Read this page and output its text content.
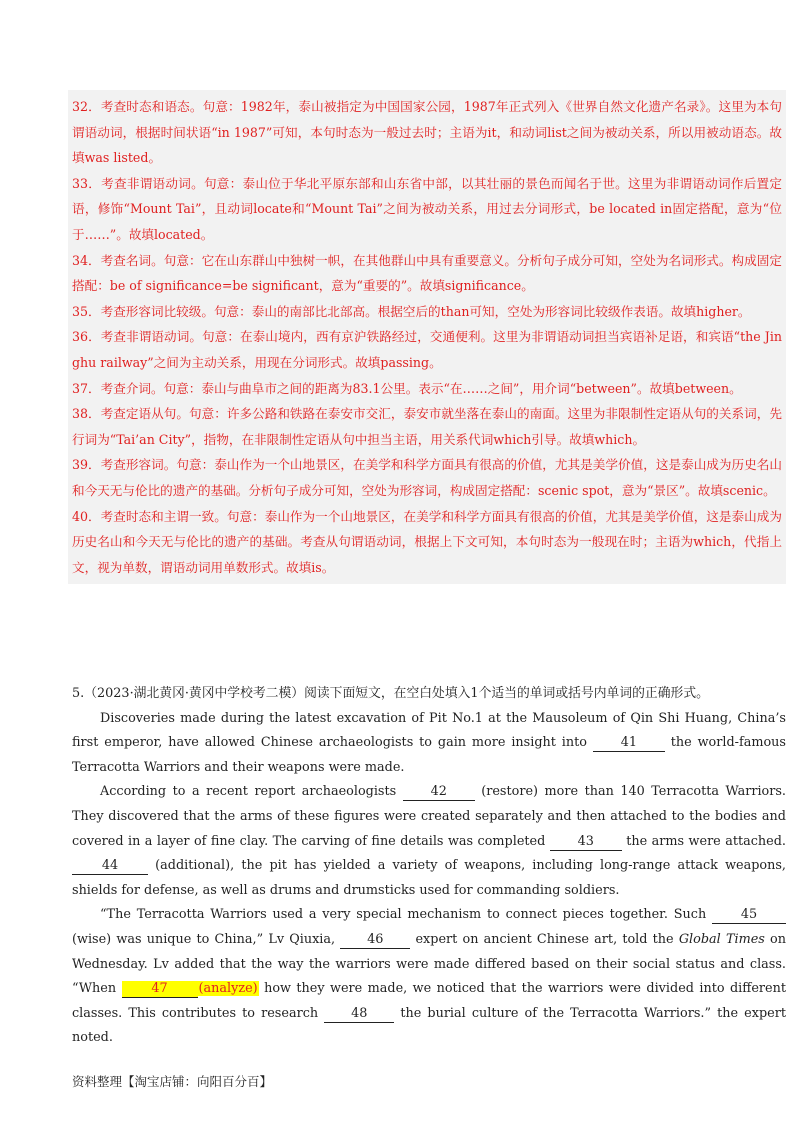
32．考查时态和语态。句意：1982年，泰山被指定为中国国家公园，1987年正式列入《世界自然文化遗产名录》。这里为本句谓语动词，根据时间状语“in 1987”可知，本句时态为一般过去时；主语为it，和动词list之间为被动关系，所以用被动语态。故填was listed。

33．考查非谓语动词。句意：泰山位于华北平原东部和山东省中部，以其壮丽的景色而闻名于世。这里为非谓语动词作后置定语，修饰“Mount Tai”，且动词locate和“Mount Tai”之间为被动关系，用过去分词形式，be located in固定搭配，意为“位于……”。故填located。

34．考查名词。句意：它在山东群山中独树一帜，在其他群山中具有重要意义。分析句子成分可知，空处为名词形式。构成固定搭配：be of significance=be significant，意为“重要的”。故填significance。

35．考查形容词比较级。句意：泰山的南部比北部高。根据空后的than可知，空处为形容词比较级作表语。故填higher。

36．考查非谓语动词。句意：在泰山境内，西有京沪铁路经过，交通便利。这里为非谓语动词担当宾语补足语，和宾语“the Jinghu railway”之间为主动关系，用现在分词形式。故填passing。

37．考查介词。句意：泰山与曲阜市之间的距离为83.1公里。表示“在……之间”，用介词“between”。故填between。

38．考查定语从句。句意：许多公路和铁路在泰安市交汇，泰安市就坐落在泰山的南面。这里为非限制性定语从句的关系词，先行词为“Tai’an City”，指物，在非限制性定语从句中担当主语，用关系代词which引导。故填which。

39．考查形容词。句意：泰山作为一个山地景区，在美学和科学方面具有很高的价值，尤其是美学价值，这是泰山成为历史名山和今天无与伦比的遗产的基础。分析句子成分可知，空处为形容词，构成固定搭配：scenic spot，意为“景区”。故填scenic。

40．考查时态和主谓一致。句意：泰山作为一个山地景区，在美学和科学方面具有很高的价值，尤其是美学价值，这是泰山成为历史名山和今天无与伦比的遗产的基础。考查从句谓语动词，根据上下文可知，本句时态为一般现在时；主语为which，代指上文，视为单数，谓语动词用单数形式。故填is。

5.（2023·湖北黄冈·黄冈中学校考二模）阅读下面短文，在空白处填入1个适当的单词或括号内单词的正确形式。

Discoveries made during the latest excavation of Pit No.1 at the Mausoleum of Qin Shi Huang, China’s first emperor, have allowed Chinese archaeologists to gain more insight into 41 the world-famous Terracotta Warriors and their weapons were made.

According to a recent report archaeologists 42 (restore) more than 140 Terracotta Warriors. They discovered that the arms of these figures were created separately and then attached to the bodies and covered in a layer of fine clay. The carving of fine details was completed 43 the arms were attached. 44 (additional), the pit has yielded a variety of weapons, including long-range attack weapons, shields for defense, as well as drums and drumsticks used for commanding soldiers.

“The Terracotta Warriors used a very special mechanism to connect pieces together. Such 45 (wise) was unique to China,” Lv Qiuxia, 46 expert on ancient Chinese art, told the Global Times on Wednesday. Lv added that the way the warriors were made differed based on their social status and class. “When 47 (analyze) how they were made, we noticed that the warriors were divided into different classes. This contributes to research 48 the burial culture of the Terracotta Warriors.” the expert noted.

资料整理【淘宝店铺：向阳百分百】
